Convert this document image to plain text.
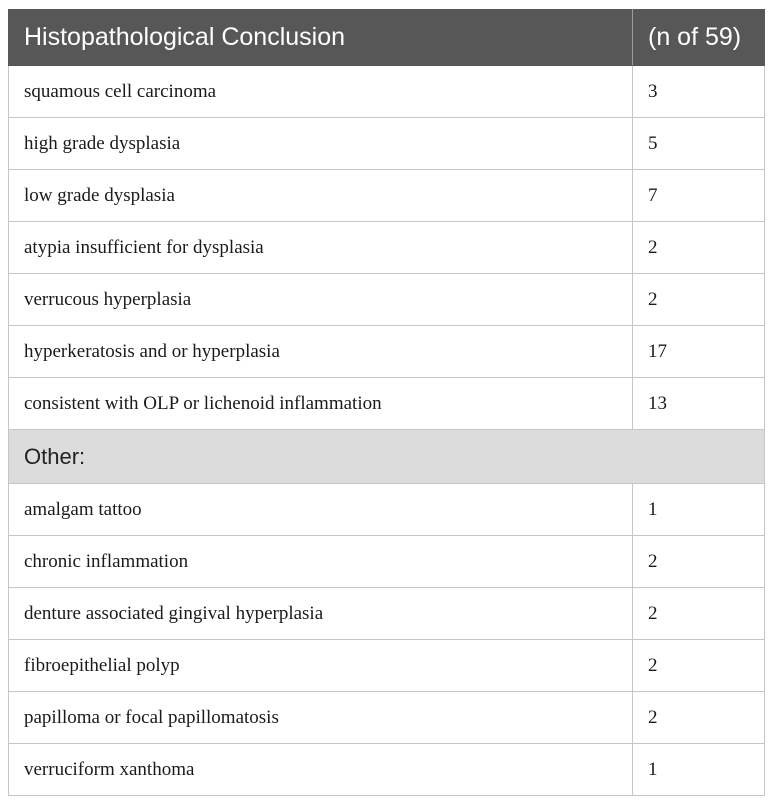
Histopathological Conclusion	(n of 59)
squamous cell carcinoma	3
high grade dysplasia	5
low grade dysplasia	7
atypia insufficient for dysplasia	2
verrucous hyperplasia	2
hyperkeratosis and or hyperplasia	17
consistent with OLP or lichenoid inflammation	13
Other:	
amalgam tattoo	1
chronic inflammation	2
denture associated gingival hyperplasia	2
fibroepithelial polyp	2
papilloma or focal papillomatosis	2
verruciform xanthoma	1
